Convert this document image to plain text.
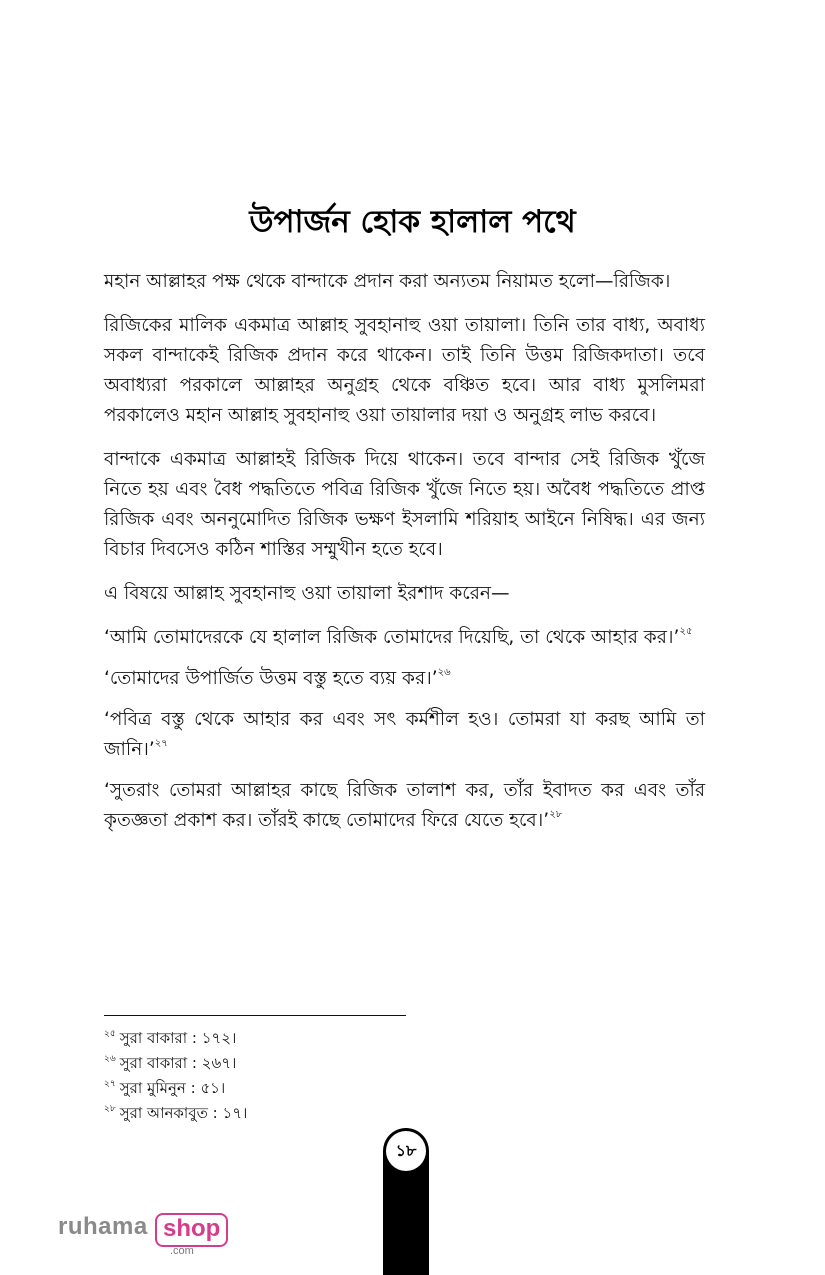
উপার্জন হোক হালাল পথে

মহান আল্লাহর পক্ষ থেকে বান্দাকে প্রদান করা অন্যতম নিয়ামত হলো—রিজিক।

রিজিকের মালিক একমাত্র আল্লাহ সুবহানাহু ওয়া তায়ালা। তিনি তার বাধ্য, অবাধ্য সকল বান্দাকেই রিজিক প্রদান করে থাকেন। তাই তিনি উত্তম রিজিকদাতা। তবে অবাধ্যরা পরকালে আল্লাহর অনুগ্রহ থেকে বঞ্চিত হবে। আর বাধ্য মুসলিমরা পরকালেও মহান আল্লাহ সুবহানাহু ওয়া তায়ালার দয়া ও অনুগ্রহ লাভ করবে।

বান্দাকে একমাত্র আল্লাহই রিজিক দিয়ে থাকেন। তবে বান্দার সেই রিজিক খুঁজে নিতে হয় এবং বৈধ পদ্ধতিতে পবিত্র রিজিক খুঁজে নিতে হয়। অবৈধ পদ্ধতিতে প্রাপ্ত রিজিক এবং অননুমোদিত রিজিক ভক্ষণ ইসলামি শরিয়াহ আইনে নিষিদ্ধ। এর জন্য বিচার দিবসেও কঠিন শাস্তির সম্মুখীন হতে হবে।

এ বিষয়ে আল্লাহ সুবহানাহু ওয়া তায়ালা ইরশাদ করেন—

‘আমি তোমাদেরকে যে হালাল রিজিক তোমাদের দিয়েছি, তা থেকে আহার কর।’$^{২৫}$

‘তোমাদের উপার্জিত উত্তম বস্তু হতে ব্যয় কর।’$^{২৬}$

‘পবিত্র বস্তু থেকে আহার কর এবং সৎ কর্মশীল হও। তোমরা যা করছ আমি তা জানি।’$^{২৭}$

‘সুতরাং তোমরা আল্লাহর কাছে রিজিক তালাশ কর, তাঁর ইবাদত কর এবং তাঁর কৃতজ্ঞতা প্রকাশ কর। তাঁরই কাছে তোমাদের ফিরে যেতে হবে।’$^{২৮}$

$^{২৫}$ সুরা বাকারা : ১৭২।
$^{২৬}$ সুরা বাকারা : ২৬৭।
$^{২৭}$ সুরা মুমিনুন : ৫১।
$^{২৮}$ সুরা আনকাবুত : ১৭।
১৮
ruhama shop
.com
